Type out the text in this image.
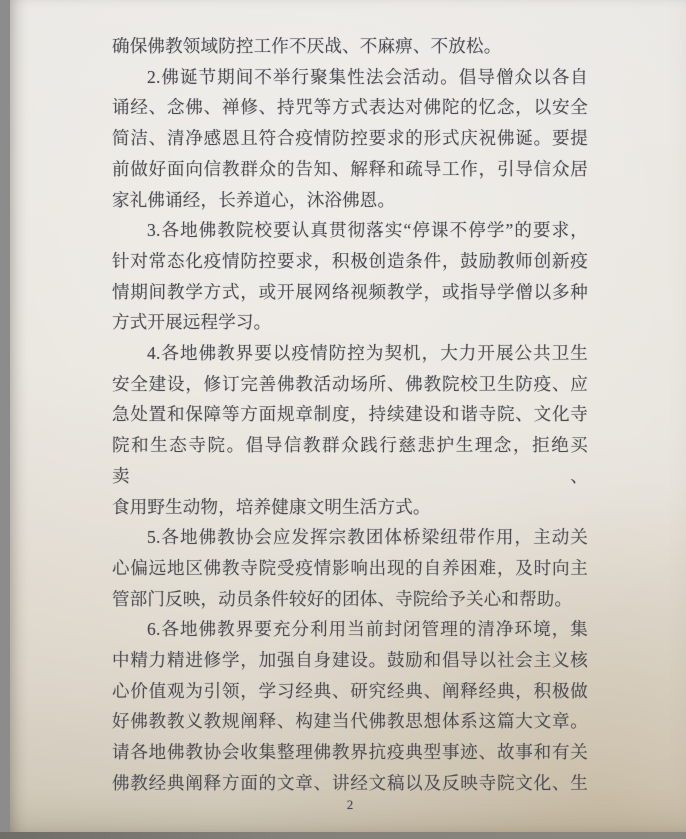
确保佛教领域防控工作不厌战、不麻痹、不放松。
2.佛诞节期间不举行聚集性法会活动。倡导僧众以各自
诵经、念佛、禅修、持咒等方式表达对佛陀的忆念，以安全
简洁、清净感恩且符合疫情防控要求的形式庆祝佛诞。要提
前做好面向信教群众的告知、解释和疏导工作，引导信众居
家礼佛诵经，长养道心，沐浴佛恩。
3.各地佛教院校要认真贯彻落实“停课不停学”的要求，
针对常态化疫情防控要求，积极创造条件，鼓励教师创新疫
情期间教学方式，或开展网络视频教学，或指导学僧以多种
方式开展远程学习。
4.各地佛教界要以疫情防控为契机，大力开展公共卫生
安全建设，修订完善佛教活动场所、佛教院校卫生防疫、应
急处置和保障等方面规章制度，持续建设和谐寺院、文化寺
院和生态寺院。倡导信教群众践行慈悲护生理念，拒绝买卖、
食用野生动物，培养健康文明生活方式。
5.各地佛教协会应发挥宗教团体桥梁纽带作用，主动关
心偏远地区佛教寺院受疫情影响出现的自养困难，及时向主
管部门反映，动员条件较好的团体、寺院给予关心和帮助。
6.各地佛教界要充分利用当前封闭管理的清净环境，集
中精力精进修学，加强自身建设。鼓励和倡导以社会主义核
心价值观为引领，学习经典、研究经典、阐释经典，积极做
好佛教教义教规阐释、构建当代佛教思想体系这篇大文章。
请各地佛教协会收集整理佛教界抗疫典型事迹、故事和有关
佛教经典阐释方面的文章、讲经文稿以及反映寺院文化、生
2
